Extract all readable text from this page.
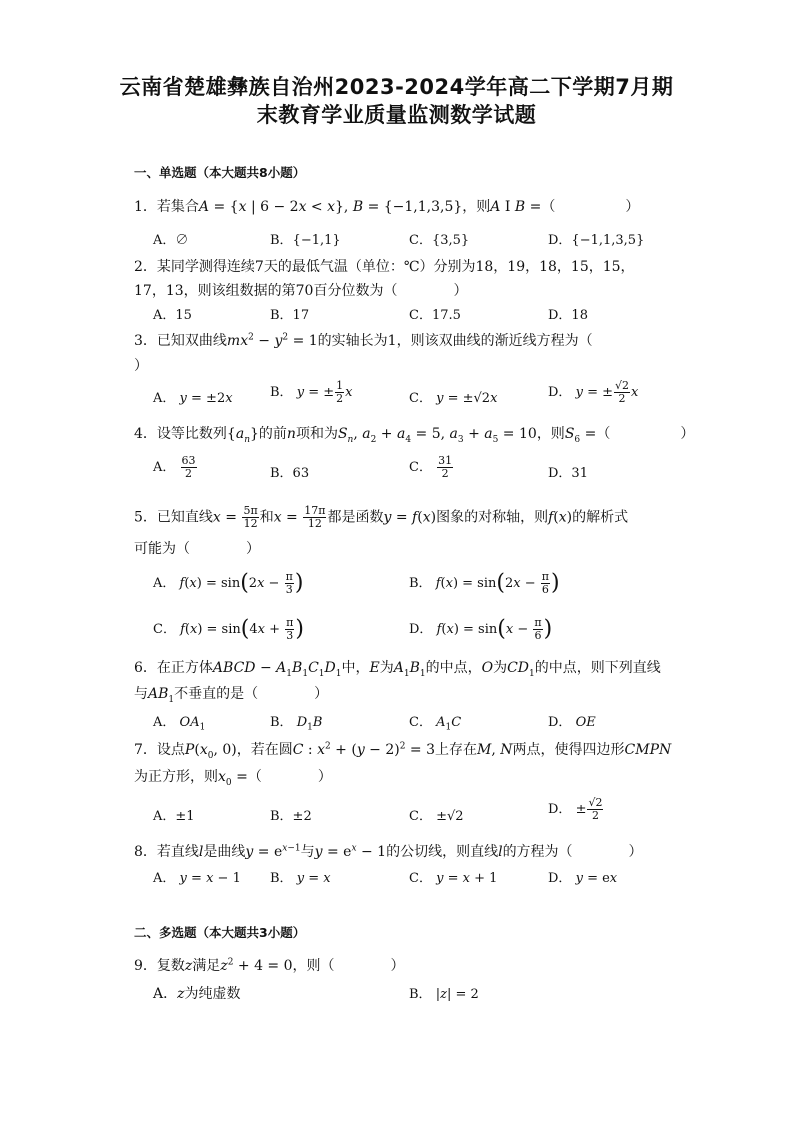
云南省楚雄彝族自治州2023-2024学年高二下学期7月期
末教育学业质量监测数学试题
一、单选题（本大题共8小题）
1．若集合A = {x | 6 − 2x < x}, B = {−1,1,3,5}，则A I B =（　　　　　）
A．∅	B．{−1,1}	C．{3,5}	D．{−1,1,3,5}
2．某同学测得连续7天的最低气温（单位：℃）分别为18，19，18，15，15，
17，13，则该组数据的第70百分位数为（　　　　）
A．15	B．17	C．17.5	D．18
3．已知双曲线$mx^2 - y^2 = 1$的实轴长为1，则该双曲线的渐近线方程为（
）
A． y = ±2x	B． y = ± $\frac{1}{2}$ x	C． y = ±√2x	D． y = ± $\frac{√2}{2}$ x
4．设等比数列$\{a_n\}$的前n项和为$S_n$, $a_2 + a_4 = 5$, $a_3 + a_5 = 10$，则$S_6$ =（　　　　　）
A． $\frac{63}{2}$	B．63	C． $\frac{31}{2}$	D．31
5．已知直线$x = \frac{5\pi}{12}$ 和$x = \frac{17\pi}{12}$ 都是函数y = f(x)图象的对称轴，则f(x)的解析式
可能为（　　　　）
A． $f(x) = \sin(2x - \frac{\pi}{3}$ )	B． $f(x) = \sin(2x - \frac{\pi}{6}$ )
C． $f(x) = \sin(4x + \frac{\pi}{3}$ )	D． $f(x) = \sin(x - \frac{\pi}{6}$ )
6．在正方体ABCD − $A_1B_1C_1D_1$中，E为$A_1B_1$的中点，O为$CD_1$的中点，则下列直线
与$AB_1$不垂直的是（　　　　）
A． $OA_1$	B． $D_1B$	C． $A_1C$	D． OE
7．设点$P(x_0$, 0)，若在圆C : $x^2 + (y - 2)^2 = 3$上存在M, N两点，使得四边形CMPN
为正方形，则$x_0$ =（　　　　）
A．±1	B．±2	C． ±√2	D． ± $\frac{√2}{2}$
8．若直线l是曲线$y = e^{x-1}$与$y = e^x - 1$的公切线，则直线l的方程为（　　　　）
A． y = x − 1 B． y = x	C． y = x + 1	D． y = ex
二、多选题（本大题共3小题）
9．复数z满足$z^2 + 4 = 0$，则（　　　　）
A．z为纯虚数	B． |z| = 2
